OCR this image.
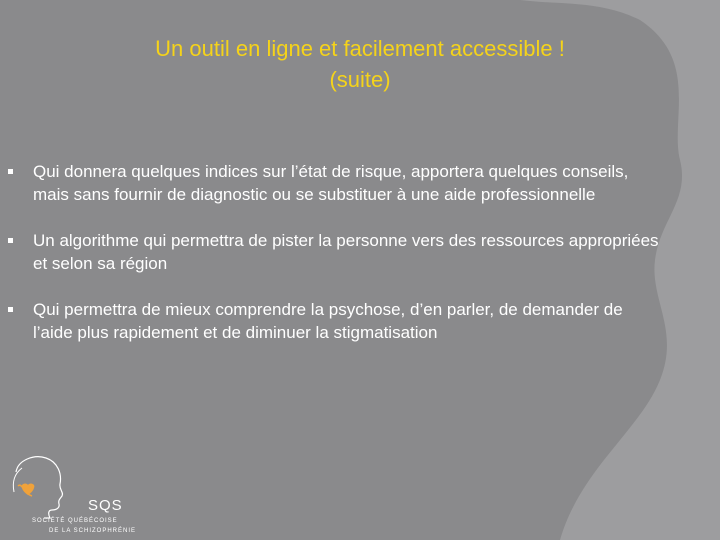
Un outil en ligne et facilement accessible !
(suite)
Qui donnera quelques indices sur l’état de risque, apportera quelques conseils, mais sans fournir de diagnostic ou se substituer à une aide professionnelle
Un algorithme qui permettra de pister la personne vers des ressources appropriées et selon sa région
Qui permettra de mieux comprendre la psychose, d’en parler, de demander de l’aide plus rapidement et de diminuer la stigmatisation
SQS
SOCIÉTÉ QUÉBÉCOISE
DE LA SCHIZOPHRÉNIE
